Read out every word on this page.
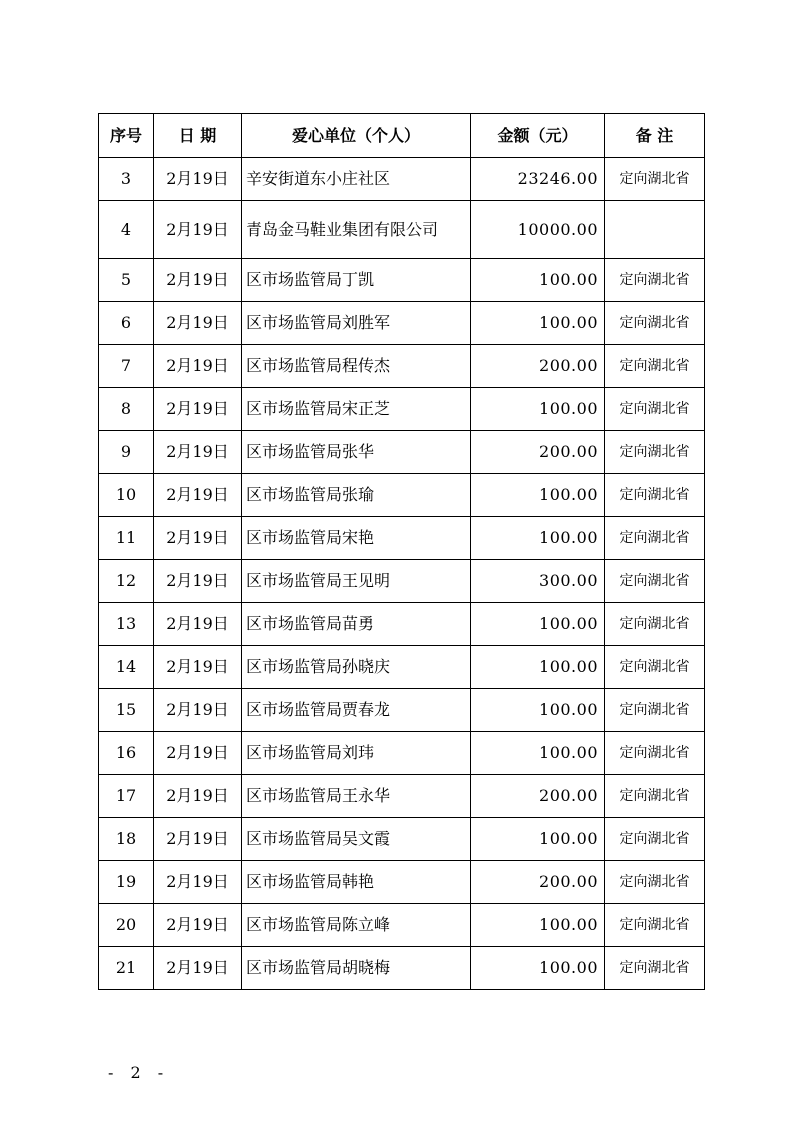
序号	日 期	爱心单位（个人）	金额（元）	备 注
3	2月19日	辛安街道东小庄社区	23246.00	定向湖北省
4	2月19日	青岛金马鞋业集团有限公司	10000.00	
5	2月19日	区市场监管局丁凯	100.00	定向湖北省
6	2月19日	区市场监管局刘胜军	100.00	定向湖北省
7	2月19日	区市场监管局程传杰	200.00	定向湖北省
8	2月19日	区市场监管局宋正芝	100.00	定向湖北省
9	2月19日	区市场监管局张华	200.00	定向湖北省
10	2月19日	区市场监管局张瑜	100.00	定向湖北省
11	2月19日	区市场监管局宋艳	100.00	定向湖北省
12	2月19日	区市场监管局王见明	300.00	定向湖北省
13	2月19日	区市场监管局苗勇	100.00	定向湖北省
14	2月19日	区市场监管局孙晓庆	100.00	定向湖北省
15	2月19日	区市场监管局贾春龙	100.00	定向湖北省
16	2月19日	区市场监管局刘玮	100.00	定向湖北省
17	2月19日	区市场监管局王永华	200.00	定向湖北省
18	2月19日	区市场监管局吴文霞	100.00	定向湖北省
19	2月19日	区市场监管局韩艳	200.00	定向湖北省
20	2月19日	区市场监管局陈立峰	100.00	定向湖北省
21	2月19日	区市场监管局胡晓梅	100.00	定向湖北省
- 2 -
